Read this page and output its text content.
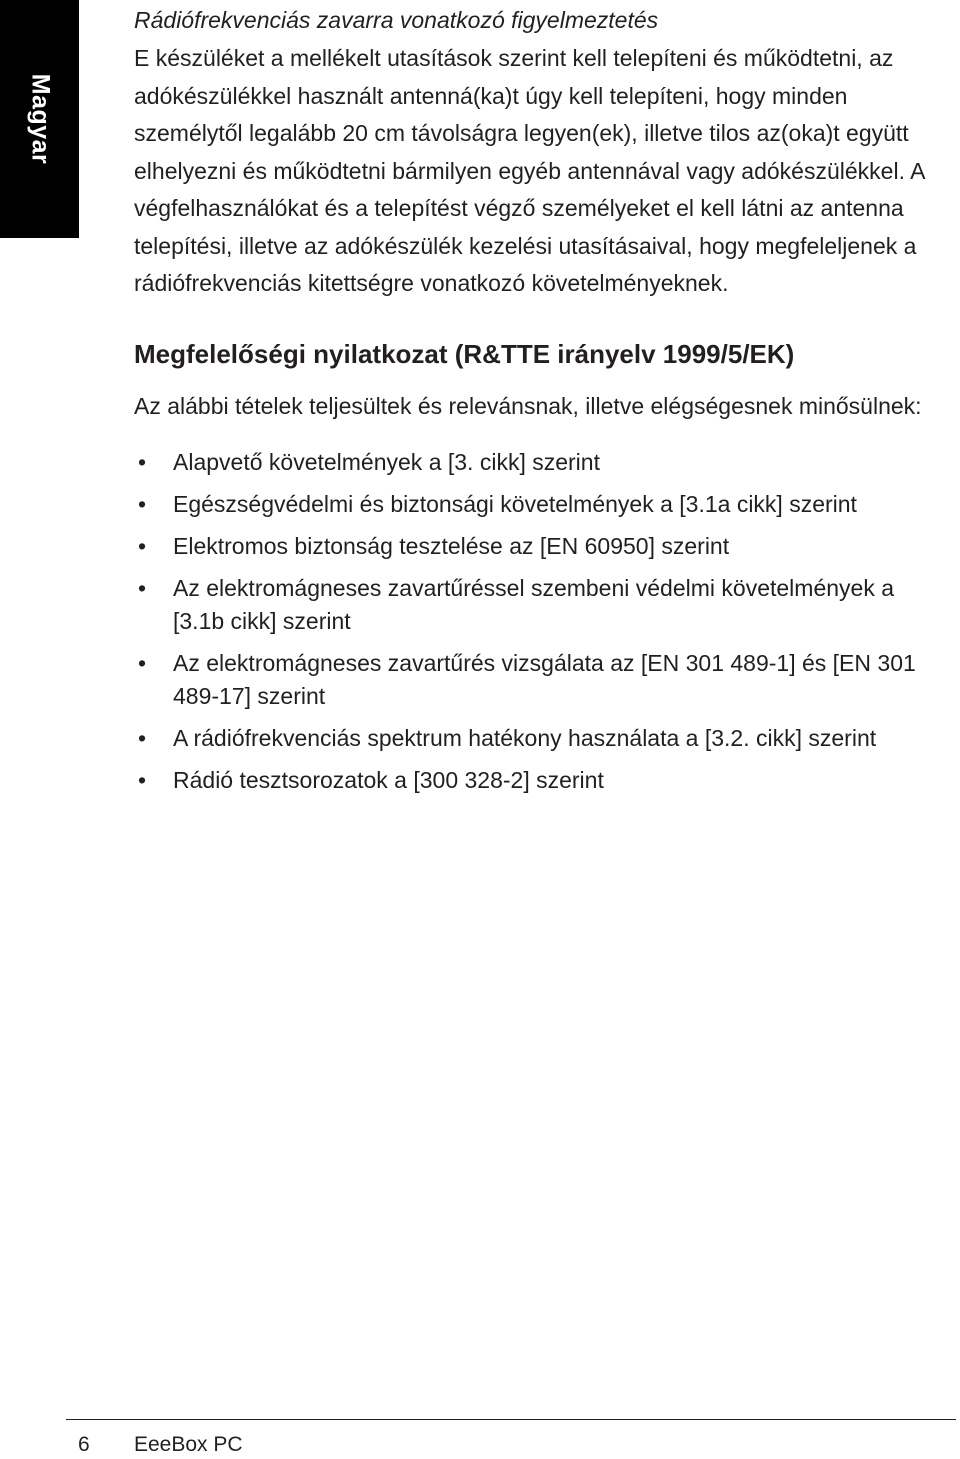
Magyar
Rádiófrekvenciás zavarra vonatkozó figyelmeztetés

E készüléket a mellékelt utasítások szerint kell telepíteni és működtetni, az adókészülékkel használt antenná(ka)t úgy kell telepíteni, hogy minden személytől legalább 20 cm távolságra legyen(ek), illetve tilos az(oka)t együtt elhelyezni és működtetni bármilyen egyéb antennával vagy adókészülékkel. A végfelhasználókat és a telepítést végző személyeket el kell látni az antenna telepítési, illetve az adókészülék kezelési utasításaival, hogy megfeleljenek a rádiófrekvenciás kitettségre vonatkozó követelményeknek.

Megfelelőségi nyilatkozat (R&TTE irányelv 1999/5/EK)

Az alábbi tételek teljesültek és relevánsnak, illetve elégségesnek minősülnek:

• Alapvető követelmények a [3. cikk] szerint
• Egészségvédelmi és biztonsági követelmények a [3.1a cikk] szerint
• Elektromos biztonság tesztelése az [EN 60950] szerint
• Az elektromágneses zavartűréssel szembeni védelmi követelmények a [3.1b cikk] szerint
• Az elektromágneses zavartűrés vizsgálata az [EN 301 489-1] és [EN 301 489-17] szerint
• A rádiófrekvenciás spektrum hatékony használata a [3.2. cikk] szerint
• Rádió tesztsorozatok a [300 328-2] szerint
6 EeeBox PC
